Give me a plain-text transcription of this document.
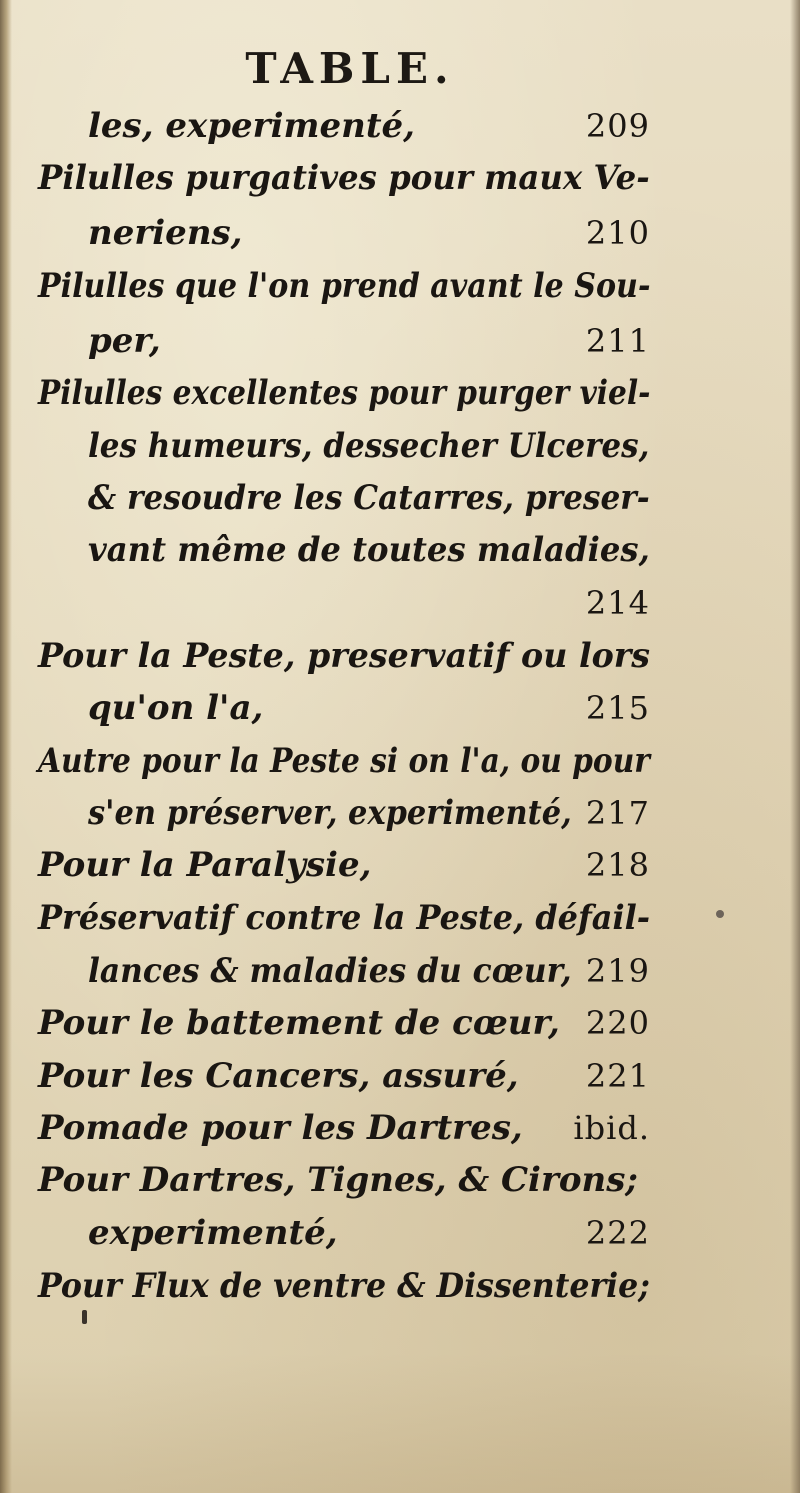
TABLE.
les, experimenté,	209
Pilulles purgatives pour maux Ve-
neriens,	210
Pilulles que l'on prend avant le Sou-
per,	211
Pilulles excellentes pour purger viel-
les humeurs, dessecher Ulceres,
& resoudre les Catarres, preser-
vant même de toutes maladies,
214
Pour la Peste, preservatif ou lors
qu'on l'a,	215
Autre pour la Peste si on l'a, ou pour
s'en préserver, experimenté, 217
Pour la Paralysie,	218
Préservatif contre la Peste, défail-
lances & maladies du cœur, 219
Pour le battement de cœur, 220
Pour les Cancers, assuré, 221
Pomade pour les Dartres, ibid.
Pour Dartres, Tignes, & Cirons;
experimenté,	222
Pour Flux de ventre & Dissenterie;
